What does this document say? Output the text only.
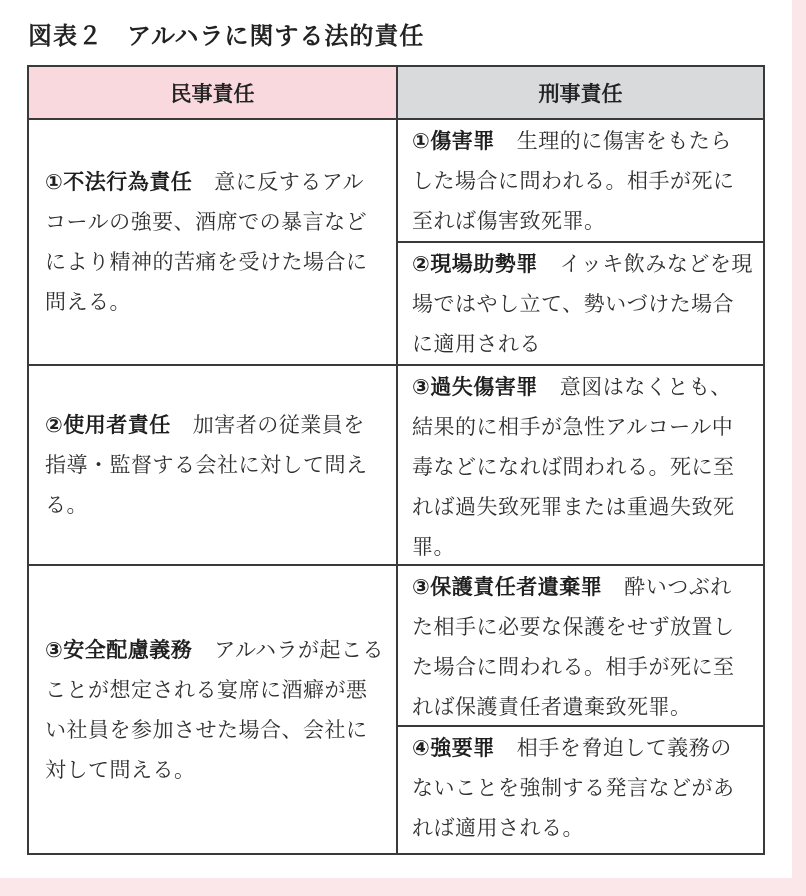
図表２ アルハラに関する法的責任
民事責任	刑事責任
①不法行為責任 意に反するアルコールの強要、酒席での暴言などにより精神的苦痛を受けた場合に問える。
②使用者責任 加害者の従業員を指導・監督する会社に対して問える。
③安全配慮義務 アルハラが起こることが想定される宴席に酒癖が悪い社員を参加させた場合、会社に対して問える。
①傷害罪 生理的に傷害をもたらした場合に問われる。相手が死に至れば傷害致死罪。
②現場助勢罪 イッキ飲みなどを現場ではやし立て、勢いづけた場合に適用される
③過失傷害罪 意図はなくとも、結果的に相手が急性アルコール中毒などになれば問われる。死に至れば過失致死罪または重過失致死罪。
③保護責任者遺棄罪 酔いつぶれた相手に必要な保護をせず放置した場合に問われる。相手が死に至れば保護責任者遺棄致死罪。
④強要罪 相手を脅迫して義務のないことを強制する発言などがあれば適用される。
